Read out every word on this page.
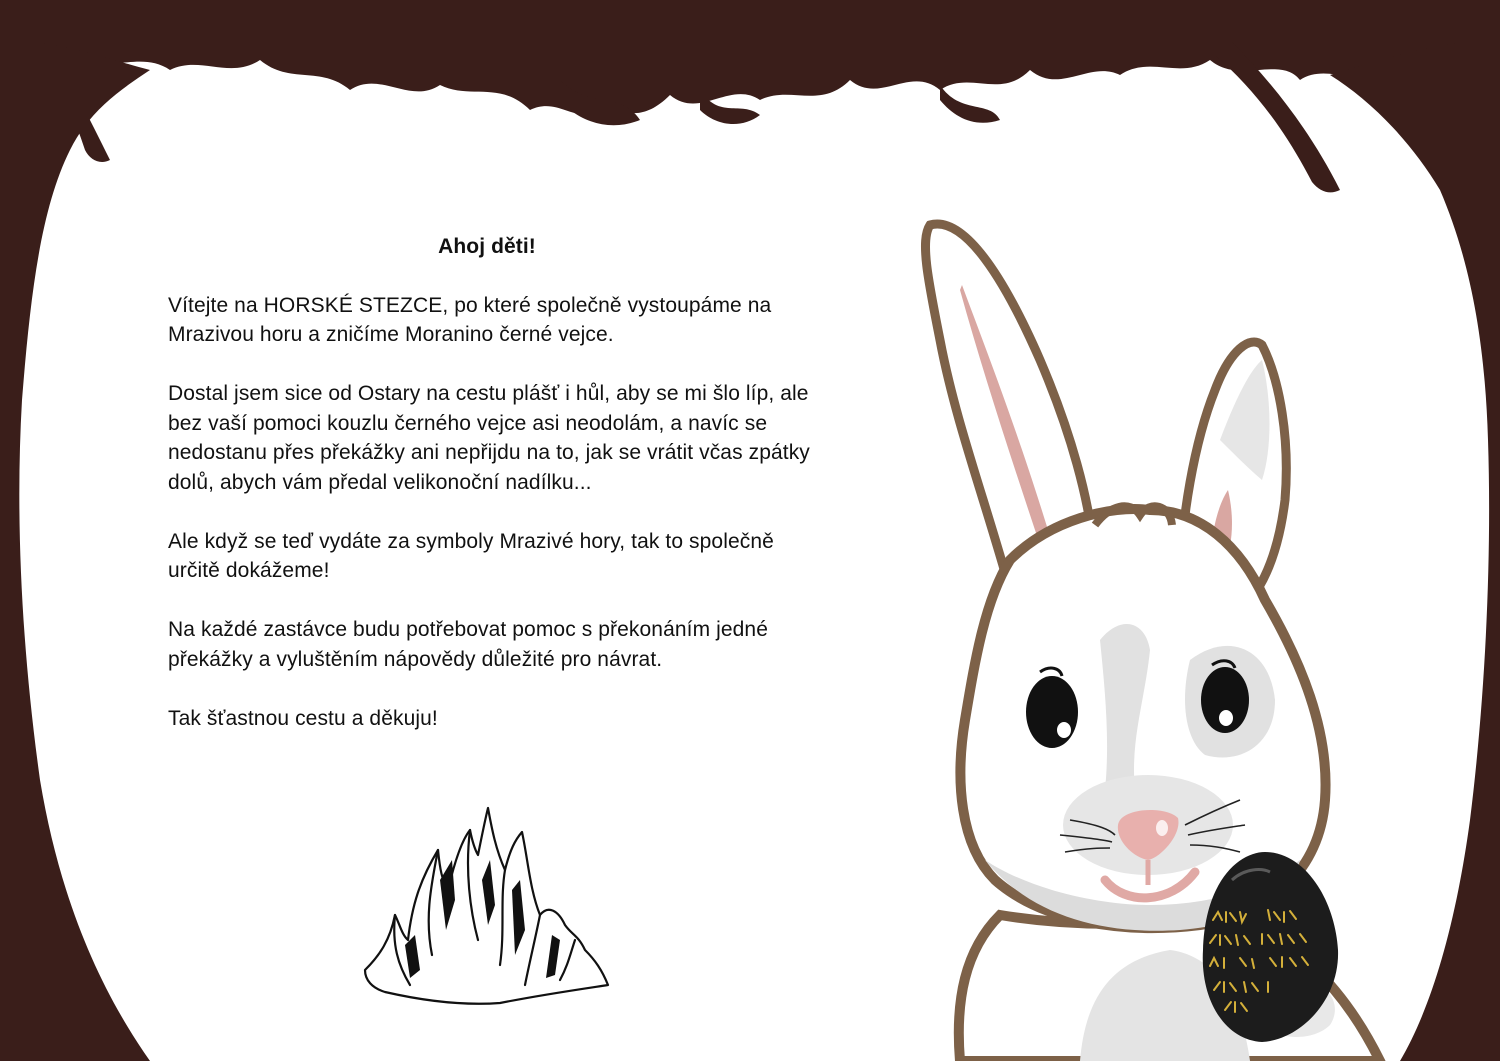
Ahoj děti!

Vítejte na HORSKÉ STEZCE, po které společně vystoupáme na Mrazivou horu a zničíme Moranino černé vejce.

Dostal jsem sice od Ostary na cestu plášť i hůl, aby se mi šlo líp, ale bez vaší pomoci kouzlu černého vejce asi neodolám, a navíc se nedostanu přes překážky ani nepřijdu na to, jak se vrátit včas zpátky dolů, abych vám předal velikonoční nadílku...

Ale když se teď vydáte za symboly Mrazivé hory, tak to společně určitě dokážeme!

Na každé zastávce budu potřebovat pomoc s překonáním jedné překážky a vyluštěním nápovědy důležité pro návrat.

Tak šťastnou cestu a děkuju!
